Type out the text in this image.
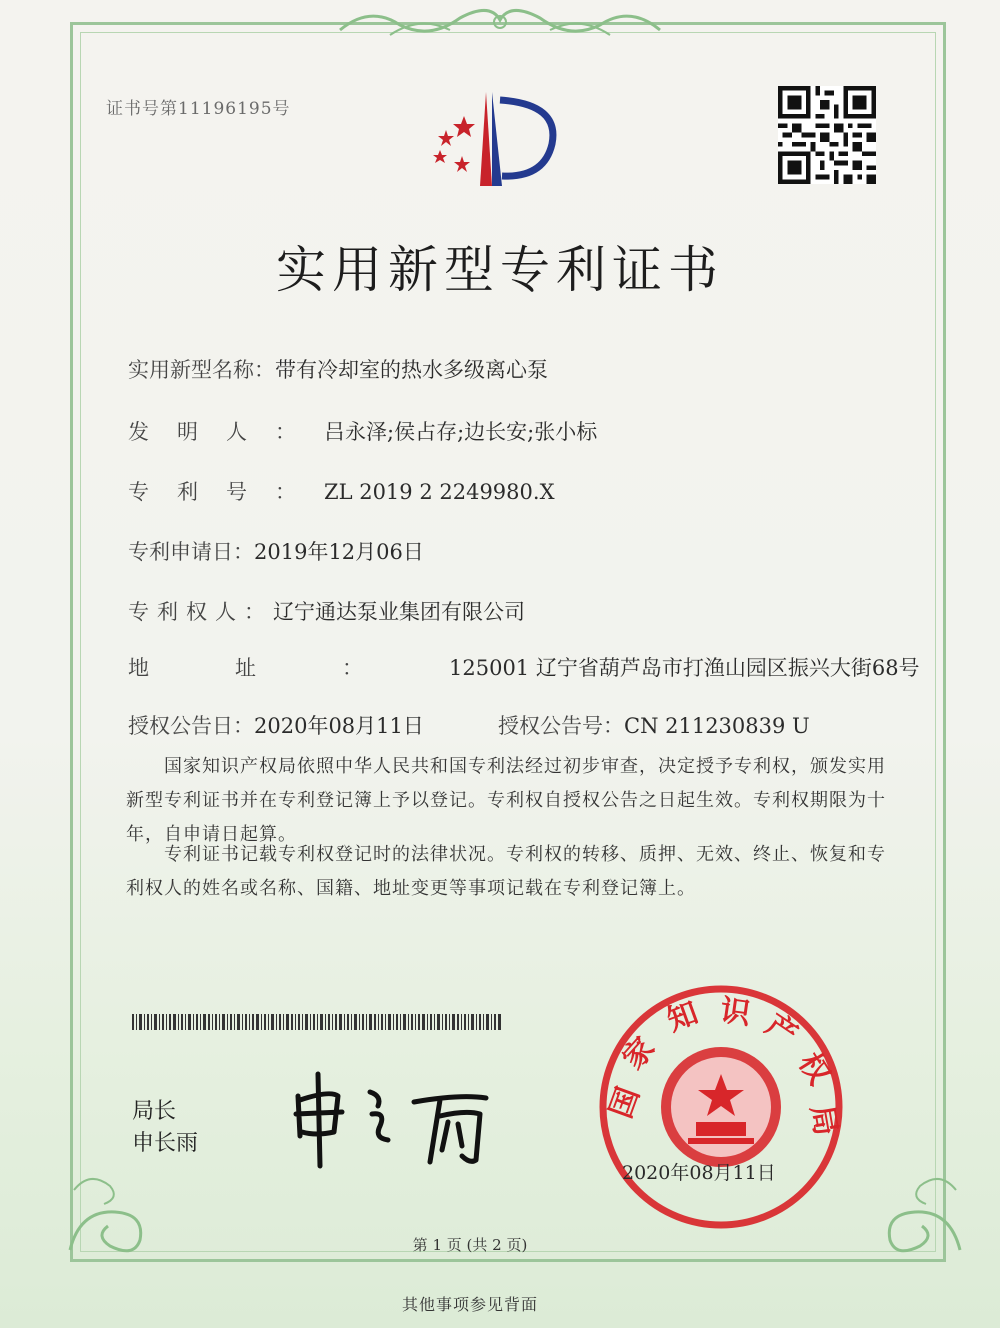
证书号第11196195号
实用新型专利证书
实用新型名称：带有冷却室的热水多级离心泵
发明人：吕永泽;侯占存;边长安;张小标
专利号：ZL 2019 2 2249980.X
专利申请日：2019年12月06日
专利权人：辽宁通达泵业集团有限公司
地址：125001 辽宁省葫芦岛市打渔山园区振兴大街68号
授权公告日：2020年08月11日	授权公告号：CN 211230839 U
国家知识产权局依照中华人民共和国专利法经过初步审查，决定授予专利权，颁发实用新型专利证书并在专利登记簿上予以登记。专利权自授权公告之日起生效。专利权期限为十年，自申请日起算。
专利证书记载专利权登记时的法律状况。专利权的转移、质押、无效、终止、恢复和专利权人的姓名或名称、国籍、地址变更等事项记载在专利登记簿上。
局长
申长雨
国
家
知 识 产
权
局
2020年08月11日
第 1 页 (共 2 页)
其他事项参见背面
